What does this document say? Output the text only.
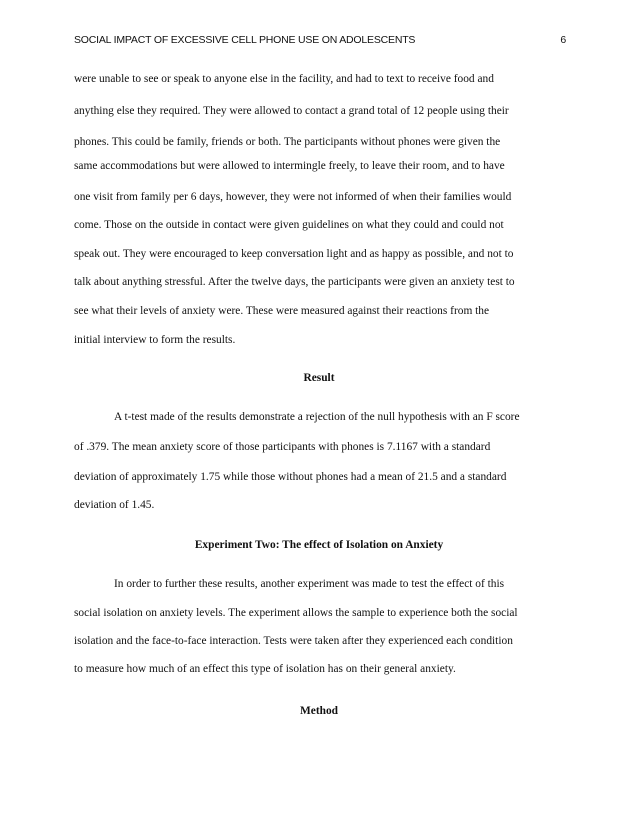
SOCIAL IMPACT OF EXCESSIVE CELL PHONE USE ON ADOLESCENTS	6
were unable to see or speak to anyone else in the facility, and had to text to receive food and
anything else they required. They were allowed to contact a grand total of 12 people using their
phones. This could be family, friends or both. The participants without phones were given the
same accommodations but were allowed to intermingle freely, to leave their room, and to have
one visit from family per 6 days, however, they were not informed of when their families would
come. Those on the outside in contact were given guidelines on what they could and could not
speak out. They were encouraged to keep conversation light and as happy as possible, and not to
talk about anything stressful. After the twelve days, the participants were given an anxiety test to
see what their levels of anxiety were. These were measured against their reactions from the
initial interview to form the results.
Result
A t-test made of the results demonstrate a rejection of the null hypothesis with an F score
of .379. The mean anxiety score of those participants with phones is 7.1167 with a standard
deviation of approximately 1.75 while those without phones had a mean of 21.5 and a standard
deviation of 1.45.
Experiment Two: The effect of Isolation on Anxiety
In order to further these results, another experiment was made to test the effect of this
social isolation on anxiety levels. The experiment allows the sample to experience both the social
isolation and the face-to-face interaction. Tests were taken after they experienced each condition
to measure how much of an effect this type of isolation has on their general anxiety.
Method
